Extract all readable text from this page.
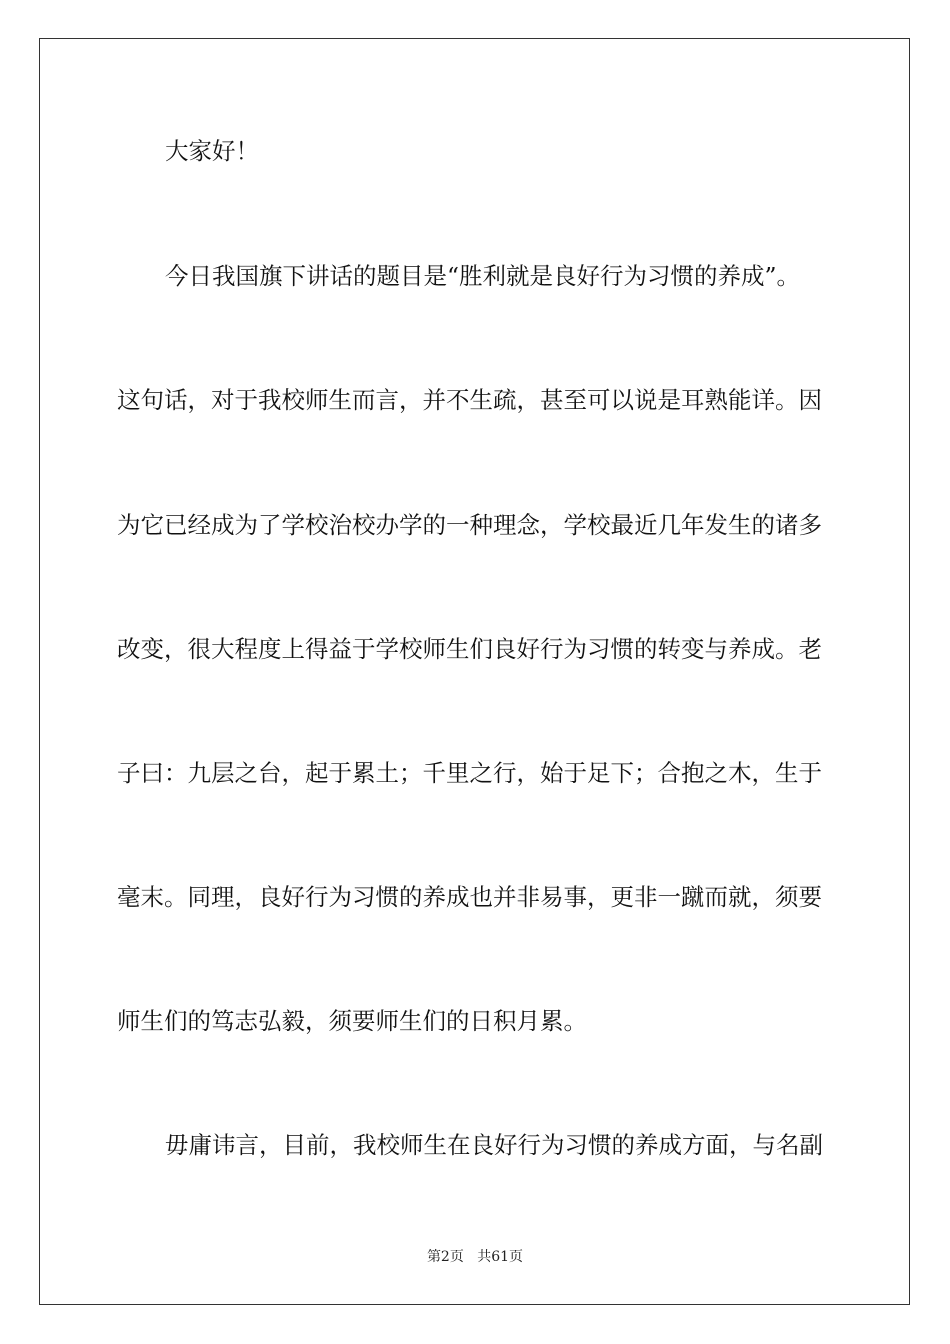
大家好！
今日我国旗下讲话的题目是“胜利就是良好行为习惯的养成”。
这句话，对于我校师生而言，并不生疏，甚至可以说是耳熟能详。因
为它已经成为了学校治校办学的一种理念，学校最近几年发生的诸多
改变，很大程度上得益于学校师生们良好行为习惯的转变与养成。老
子曰：九层之台，起于累土；千里之行，始于足下；合抱之木，生于
毫末。同理，良好行为习惯的养成也并非易事，更非一蹴而就，须要
师生们的笃志弘毅，须要师生们的日积月累。
毋庸讳言，目前，我校师生在良好行为习惯的养成方面，与名副
第2页 共61页
